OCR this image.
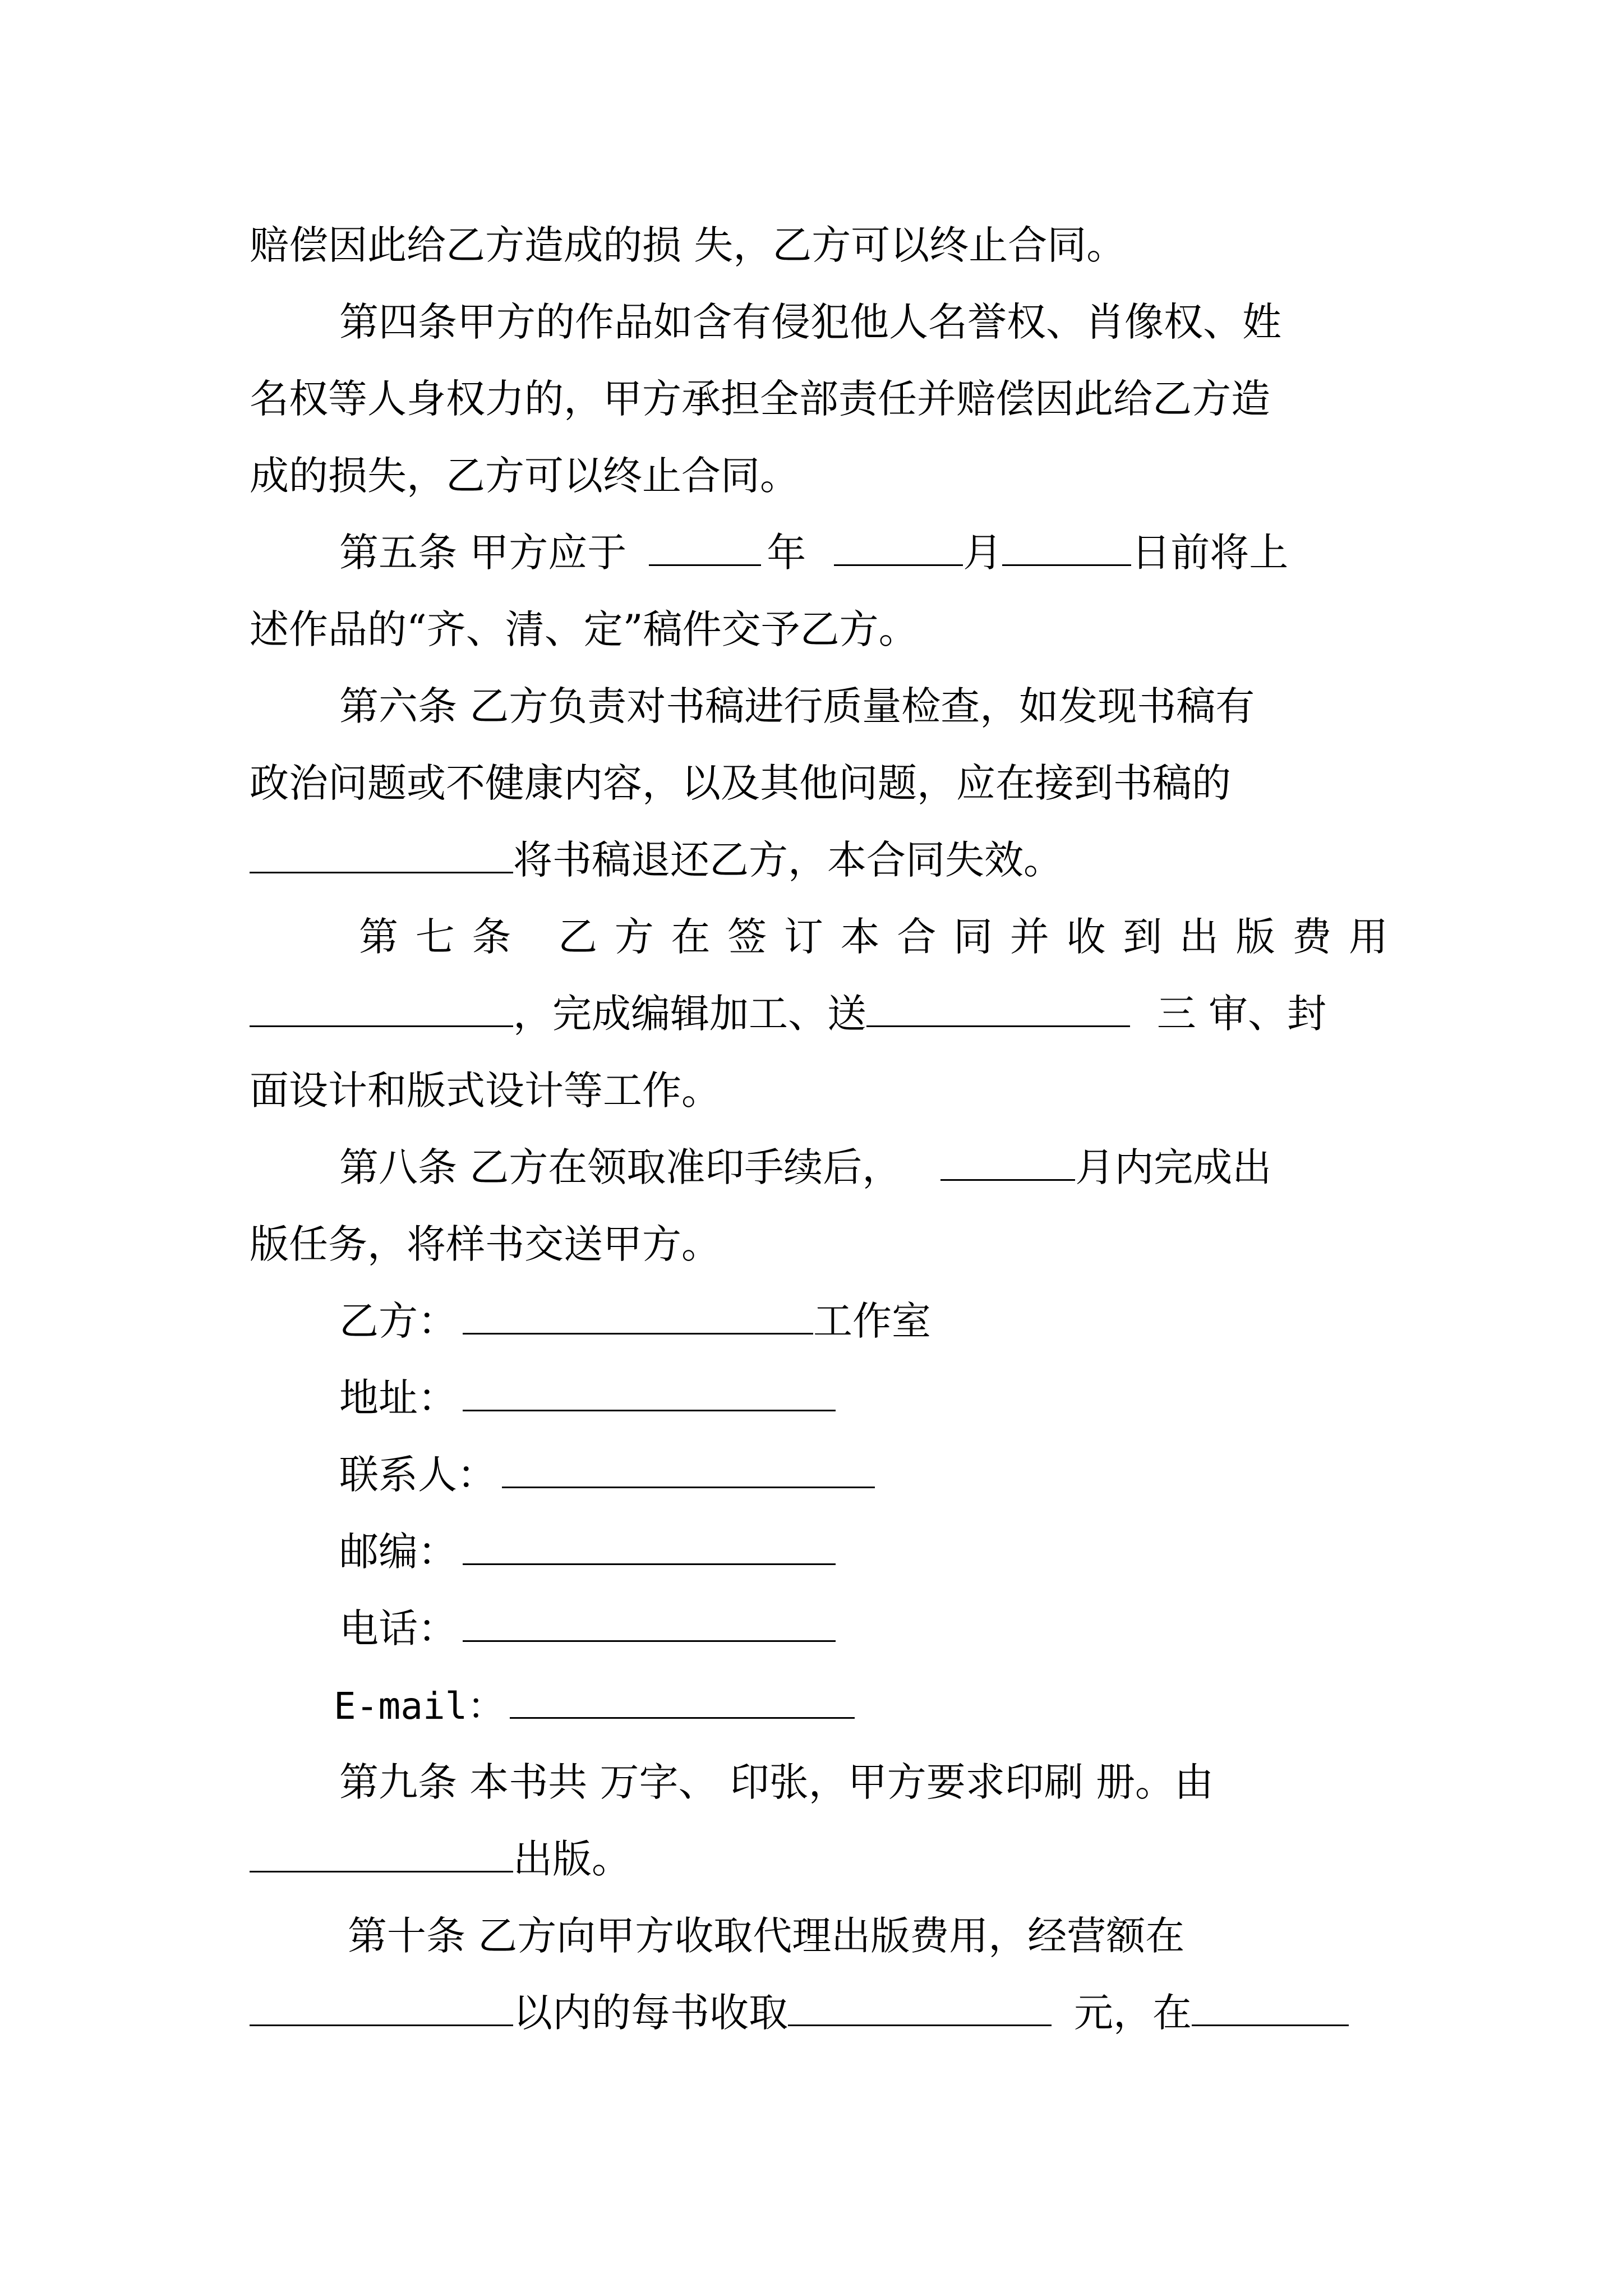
赔偿因此给乙方造成的损 失，乙方可以终止合同。
第四条甲方的作品如含有侵犯他人名誉权、肖像权、姓
名权等人身权力的，甲方承担全部责任并赔偿因此给乙方造
成的损失，乙方可以终止合同。
第五条 甲方应于	年	月	日前将上
述作品的“齐、清、定”稿件交予乙方。
第六条 乙方负责对书稿进行质量检查，如发现书稿有
政治问题或不健康内容，以及其他问题，应在接到书稿的
将书稿退还乙方，本合同失效。
第七条 乙方在签订本合同并收到出版费用
，完成编辑加工、送	三 审、封
面设计和版式设计等工作。
第八条 乙方在领取准印手续后，	月内完成出
版任务，将样书交送甲方。
乙方：	工作室
地址：
联系人：
邮编：
电话：
E-mail：
第九条 本书共 万字、 印张，甲方要求印刷 册。由
出版。
第十条 乙方向甲方收取代理出版费用，经营额在
以内的每书收取	元，在
